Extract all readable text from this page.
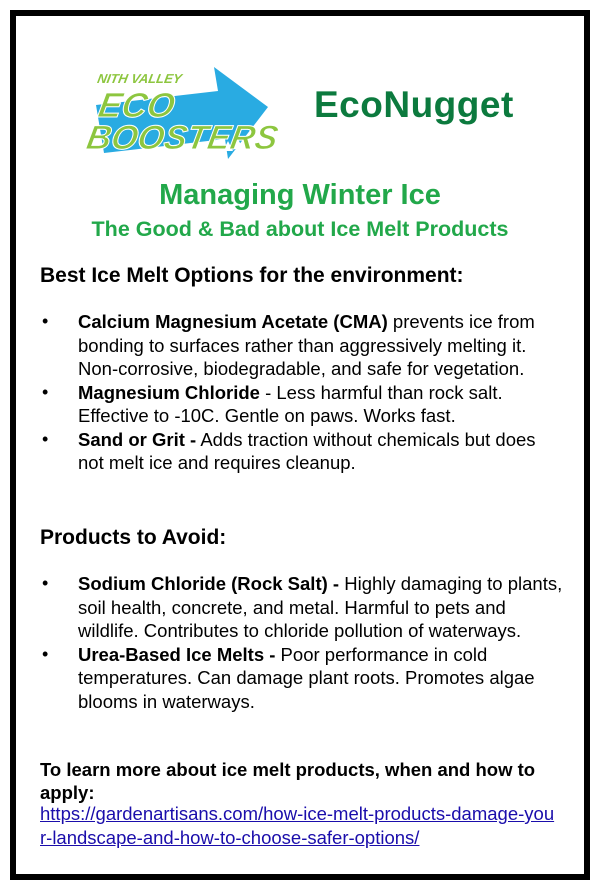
NITH VALLEY
ECO
BOOSTERS
EcoNugget
Managing Winter Ice
The Good & Bad about Ice Melt Products
Best Ice Melt Options for the environment:
• Calcium Magnesium Acetate (CMA) prevents ice from bonding to surfaces rather than aggressively melting it. Non-corrosive, biodegradable, and safe for vegetation.
• Magnesium Chloride - Less harmful than rock salt. Effective to -10C. Gentle on paws. Works fast.
• Sand or Grit - Adds traction without chemicals but does not melt ice and requires cleanup.
Products to Avoid:
• Sodium Chloride (Rock Salt) - Highly damaging to plants, soil health, concrete, and metal. Harmful to pets and wildlife. Contributes to chloride pollution of waterways.
• Urea-Based Ice Melts - Poor performance in cold temperatures. Can damage plant roots. Promotes algae blooms in waterways.
To learn more about ice melt products, when and how to apply:
https://gardenartisans.com/how-ice-melt-products-damage-your-landscape-and-how-to-choose-safer-options/
